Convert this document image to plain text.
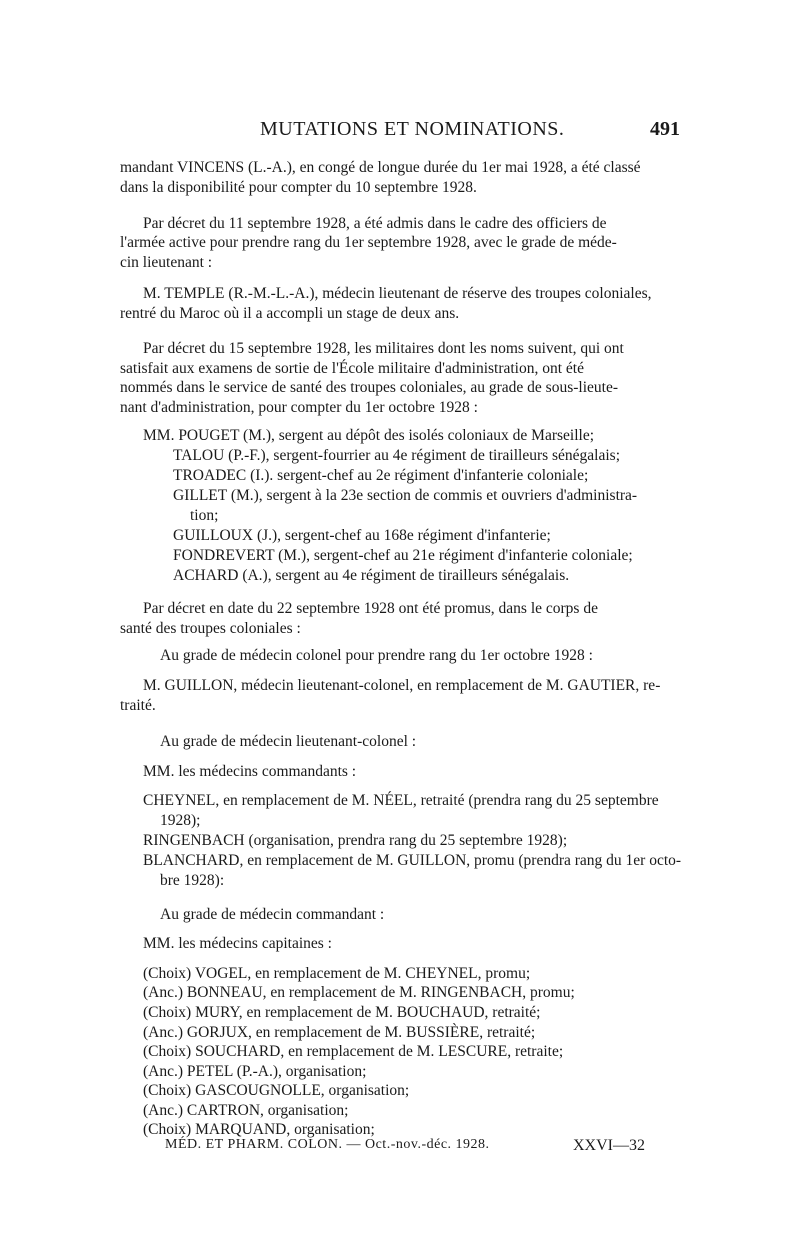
MUTATIONS ET NOMINATIONS.	491
mandant VINCENS (L.-A.), en congé de longue durée du 1er mai 1928, a été classé
dans la disponibilité pour compter du 10 septembre 1928.
Par décret du 11 septembre 1928, a été admis dans le cadre des officiers de
l'armée active pour prendre rang du 1er septembre 1928, avec le grade de méde-
cin lieutenant :
M. TEMPLE (R.-M.-L.-A.), médecin lieutenant de réserve des troupes coloniales,
rentré du Maroc où il a accompli un stage de deux ans.
Par décret du 15 septembre 1928, les militaires dont les noms suivent, qui ont
satisfait aux examens de sortie de l'École militaire d'administration, ont été
nommés dans le service de santé des troupes coloniales, au grade de sous-lieute-
nant d'administration, pour compter du 1er octobre 1928 :
MM. POUGET (M.), sergent au dépôt des isolés coloniaux de Marseille;
TALOU (P.-F.), sergent-fourrier au 4e régiment de tirailleurs sénégalais;
TROADEC (I.). sergent-chef au 2e régiment d'infanterie coloniale;
GILLET (M.), sergent à la 23e section de commis et ouvriers d'administra-
tion;
GUILLOUX (J.), sergent-chef au 168e régiment d'infanterie;
FONDREVERT (M.), sergent-chef au 21e régiment d'infanterie coloniale;
ACHARD (A.), sergent au 4e régiment de tirailleurs sénégalais.
Par décret en date du 22 septembre 1928 ont été promus, dans le corps de
santé des troupes coloniales :
Au grade de médecin colonel pour prendre rang du 1er octobre 1928 :
M. GUILLON, médecin lieutenant-colonel, en remplacement de M. GAUTIER, re-
traité.
Au grade de médecin lieutenant-colonel :
MM. les médecins commandants :
CHEYNEL, en remplacement de M. NÉEL, retraité (prendra rang du 25 septembre
1928);
RINGENBACH (organisation, prendra rang du 25 septembre 1928);
BLANCHARD, en remplacement de M. GUILLON, promu (prendra rang du 1er octo-
bre 1928):
Au grade de médecin commandant :
MM. les médecins capitaines :
(Choix) VOGEL, en remplacement de M. CHEYNEL, promu;
(Anc.) BONNEAU, en remplacement de M. RINGENBACH, promu;
(Choix) MURY, en remplacement de M. BOUCHAUD, retraité;
(Anc.) GORJUX, en remplacement de M. BUSSIÈRE, retraité;
(Choix) SOUCHARD, en remplacement de M. LESCURE, retraite;
(Anc.) PETEL (P.-A.), organisation;
(Choix) GASCOUGNOLLE, organisation;
(Anc.) CARTRON, organisation;
(Choix) MARQUAND, organisation;
MÉD. ET PHARM. COLON. — Oct.-nov.-déc. 1928.	XXVI—32
